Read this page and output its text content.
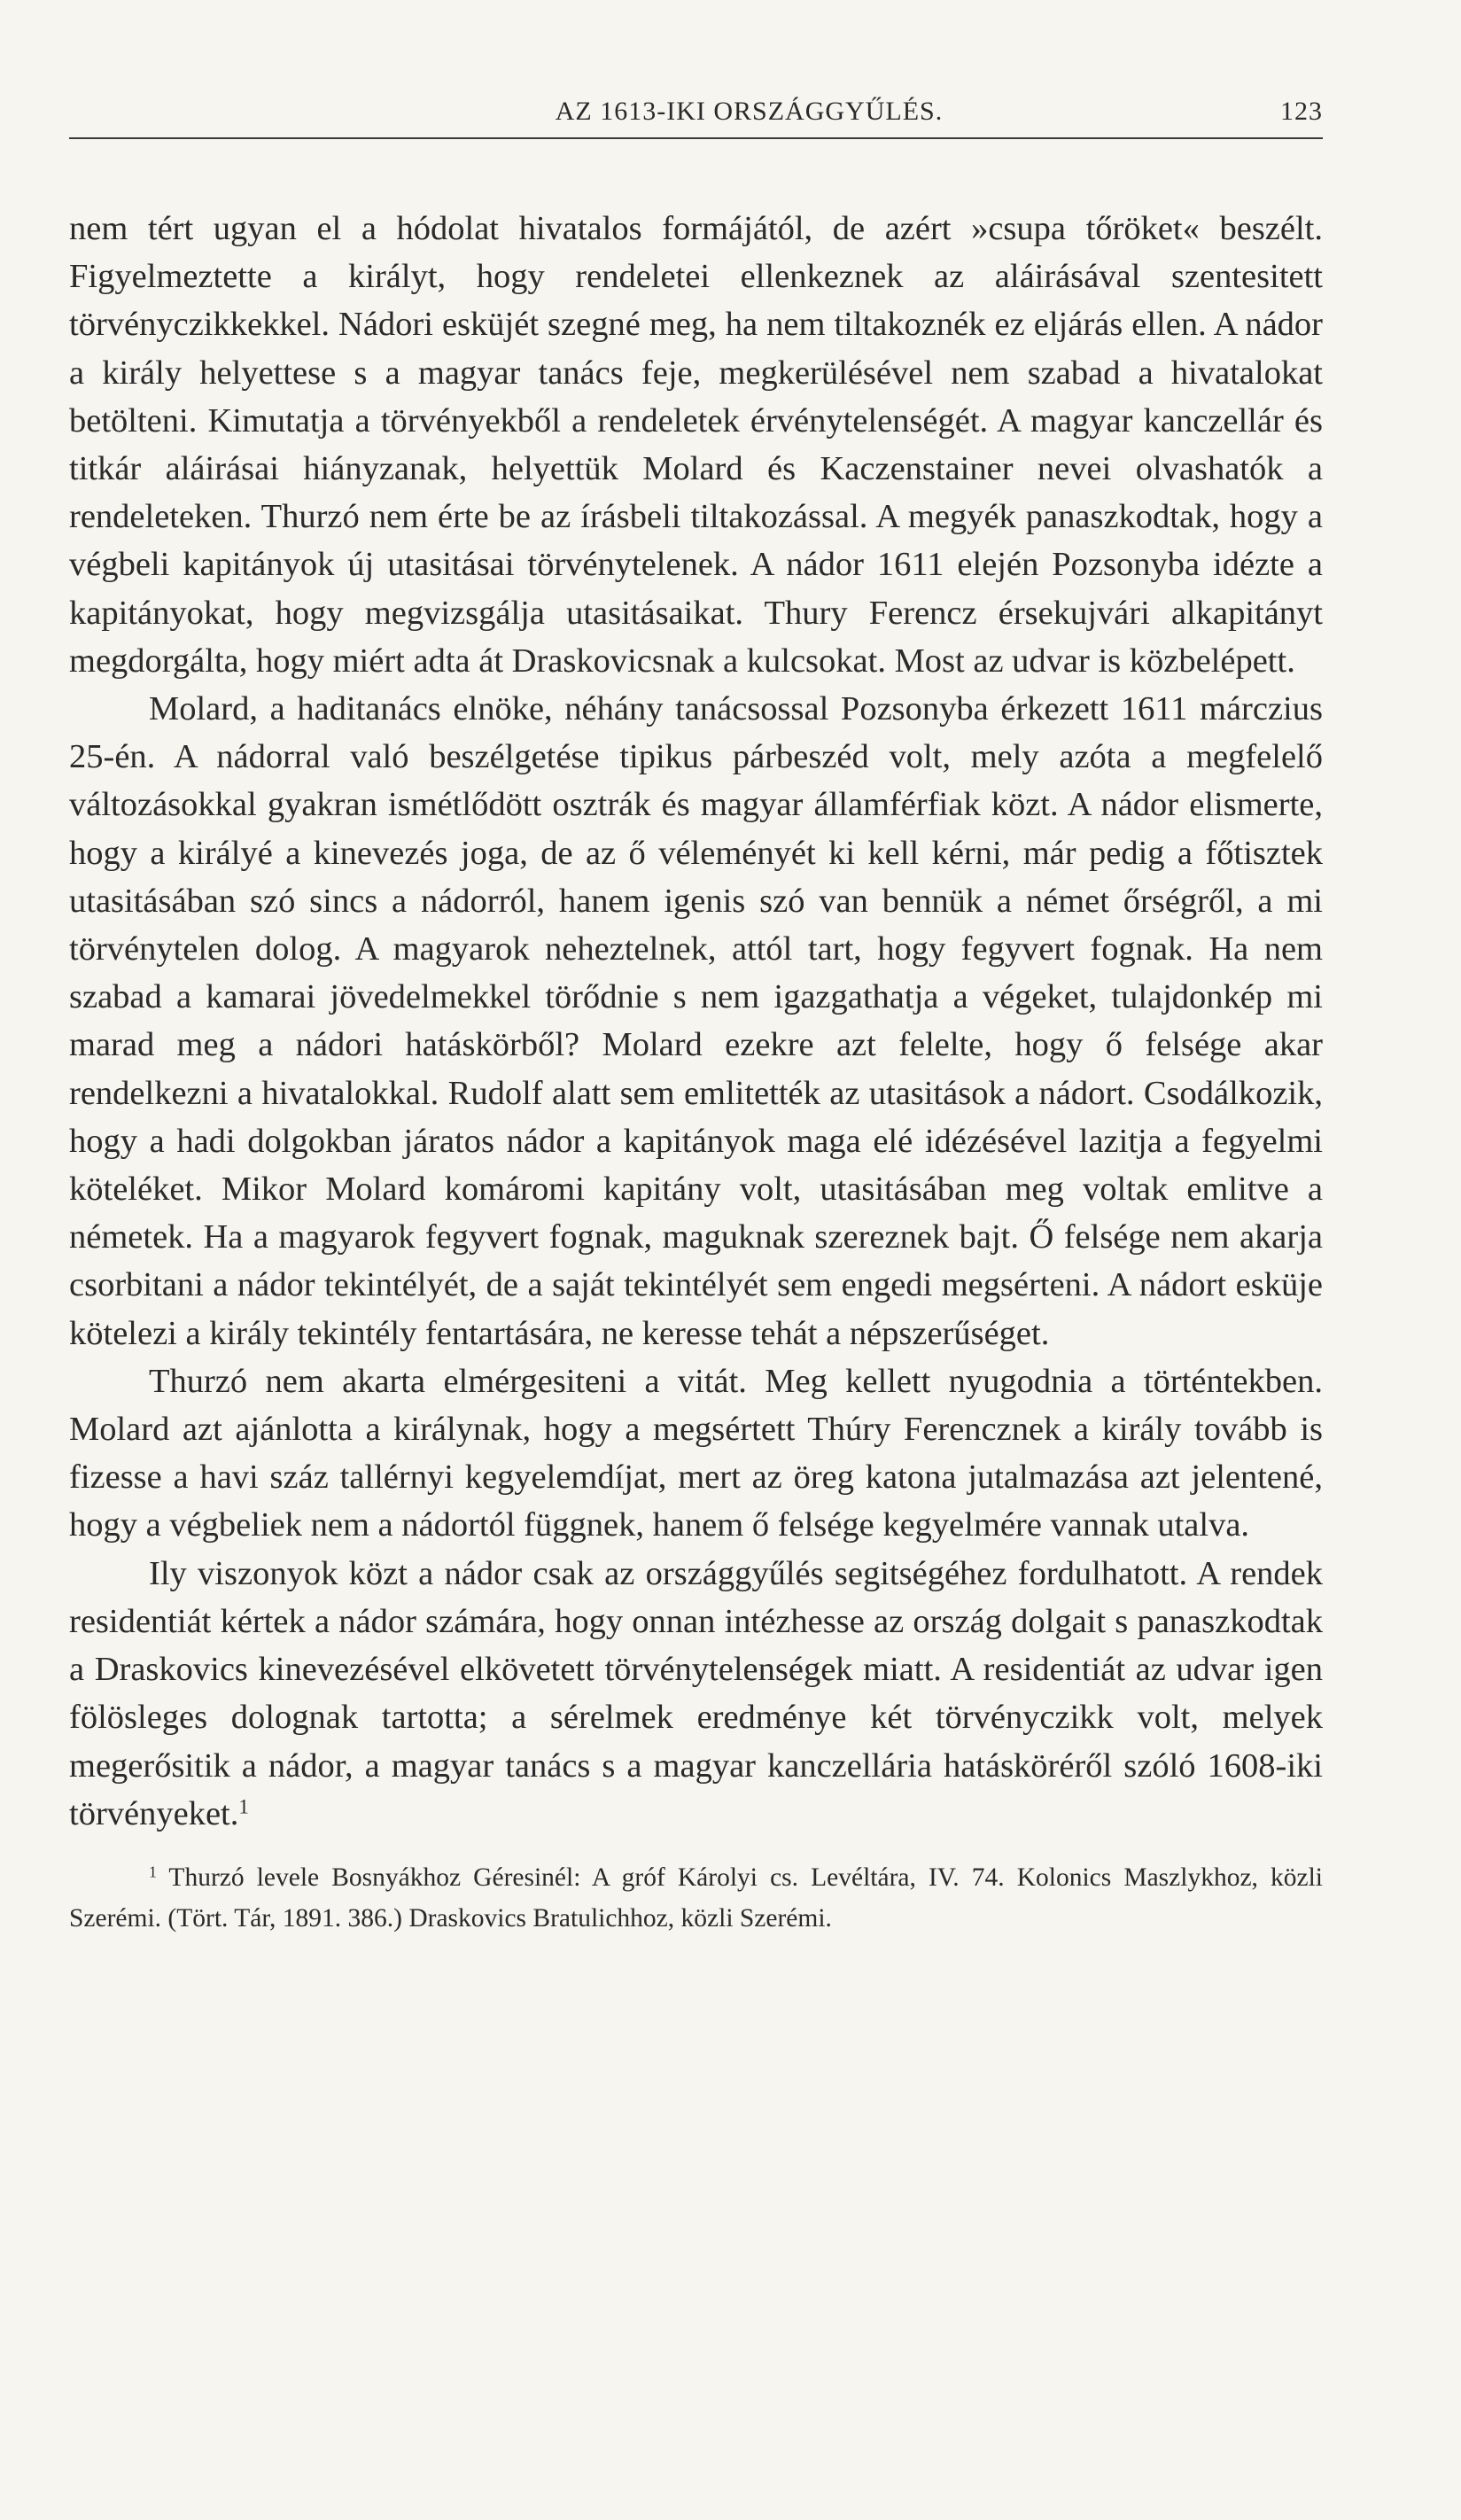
AZ 1613-IKI ORSZÁGGYŰLÉS.	123

nem tért ugyan el a hódolat hivatalos formájától, de azért »csupa tőröket« beszélt. Figyelmeztette a királyt, hogy rendeletei ellenkeznek az aláirásával szentesitett törvényczikkekkel. Nádori esküjét szegné meg, ha nem tiltakoznék ez eljárás ellen. A nádor a király helyettese s a magyar tanács feje, megkerülésével nem szabad a hivatalokat betölteni. Kimutatja a törvényekből a rendeletek érvénytelenségét. A magyar kanczellár és titkár aláirásai hiányzanak, helyettük Molard és Kaczenstainer nevei olvashatók a rendeleteken. Thurzó nem érte be az írásbeli tiltakozással. A megyék panaszkodtak, hogy a végbeli kapitányok új utasitásai törvénytelenek. A nádor 1611 elején Pozsonyba idézte a kapitányokat, hogy megvizsgálja utasitásaikat. Thury Ferencz érsekujvári alkapitányt megdorgálta, hogy miért adta át Draskovicsnak a kulcsokat. Most az udvar is közbelépett.

Molard, a haditanács elnöke, néhány tanácsossal Pozsonyba érkezett 1611 márczius 25-én. A nádorral való beszélgetése tipikus párbeszéd volt, mely azóta a megfelelő változásokkal gyakran ismétlődött osztrák és magyar államférfiak közt. A nádor elismerte, hogy a királyé a kinevezés joga, de az ő véleményét ki kell kérni, már pedig a főtisztek utasitásában szó sincs a nádorról, hanem igenis szó van bennük a német őrségről, a mi törvénytelen dolog. A magyarok neheztelnek, attól tart, hogy fegyvert fognak. Ha nem szabad a kamarai jövedelmekkel törődnie s nem igazgathatja a végeket, tulajdonkép mi marad meg a nádori hatáskörből? Molard ezekre azt felelte, hogy ő felsége akar rendelkezni a hivatalokkal. Rudolf alatt sem emlitették az utasitások a nádort. Csodálkozik, hogy a hadi dolgokban járatos nádor a kapitányok maga elé idézésével lazitja a fegyelmi köteléket. Mikor Molard komáromi kapitány volt, utasitásában meg voltak emlitve a németek. Ha a magyarok fegyvert fognak, maguknak szereznek bajt. Ő felsége nem akarja csorbitani a nádor tekintélyét, de a saját tekintélyét sem engedi megsérteni. A nádort esküje kötelezi a király tekintély fentartására, ne keresse tehát a népszerűséget.

Thurzó nem akarta elmérgesiteni a vitát. Meg kellett nyugodnia a történtekben. Molard azt ajánlotta a királynak, hogy a megsértett Thúry Ferencznek a király tovább is fizesse a havi száz tallérnyi kegyelemdíjat, mert az öreg katona jutalmazása azt jelentené, hogy a végbeliek nem a nádortól függnek, hanem ő felsége kegyelmére vannak utalva.

Ily viszonyok közt a nádor csak az országgyűlés segitségéhez fordulhatott. A rendek residentiát kértek a nádor számára, hogy onnan intézhesse az ország dolgait s panaszkodtak a Draskovics kinevezésével elkövetett törvénytelenségek miatt. A residentiát az udvar igen fölösleges dolognak tartotta; a sérelmek eredménye két törvényczikk volt, melyek megerősitik a nádor, a magyar tanács s a magyar kanczellária hatásköréről szóló 1608-iki törvényeket.$^1$

$^1$ Thurzó levele Bosnyákhoz Géresinél: A gróf Károlyi cs. Levéltára, IV. 74. Kolonics Maszlykhoz, közli Szerémi. (Tört. Tár, 1891. 386.) Draskovics Bratulichhoz, közli Szerémi.
